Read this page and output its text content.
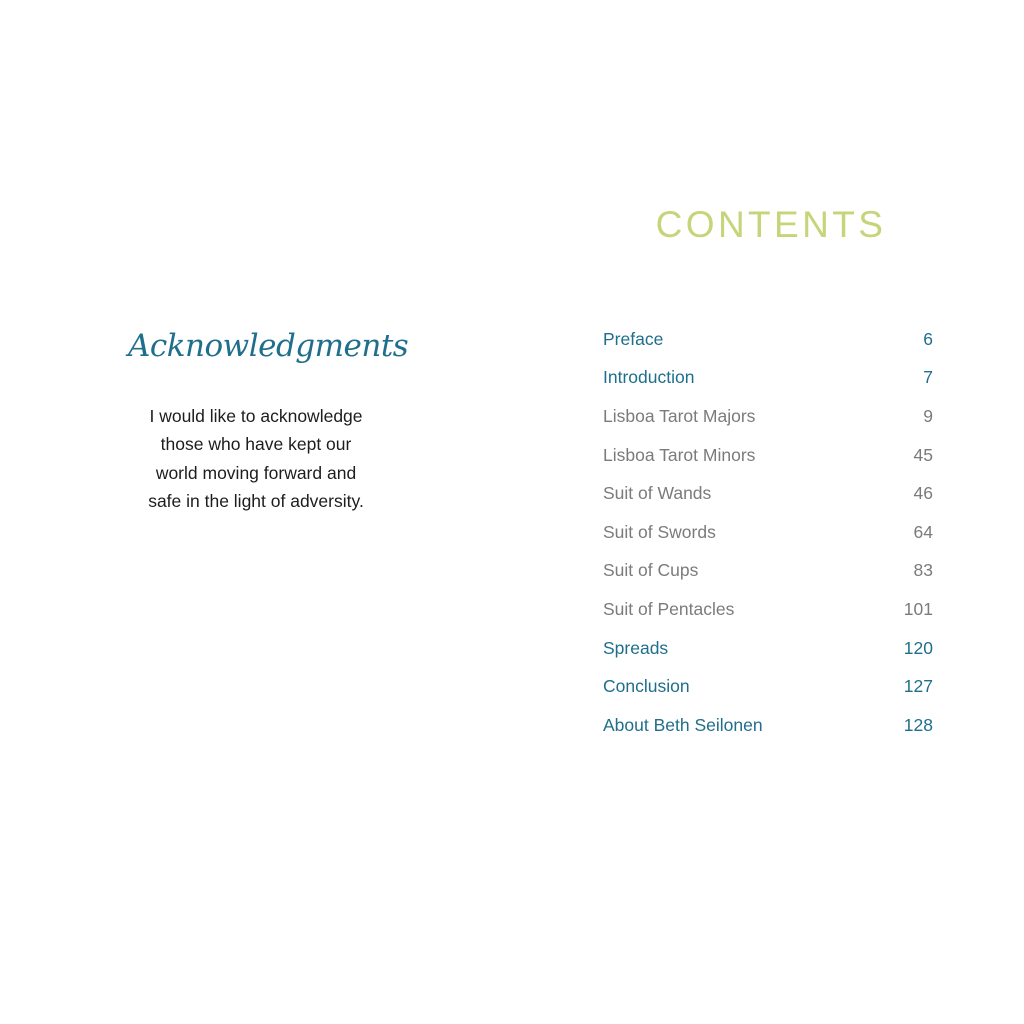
Acknowledgments
I would like to acknowledge
those who have kept our
world moving forward and
safe in the light of adversity.
CONTENTS
Preface	6
Introduction	7
Lisboa Tarot Majors	9
Lisboa Tarot Minors	45
Suit of Wands	46
Suit of Swords	64
Suit of Cups	83
Suit of Pentacles	101
Spreads	120
Conclusion	127
About Beth Seilonen	128
